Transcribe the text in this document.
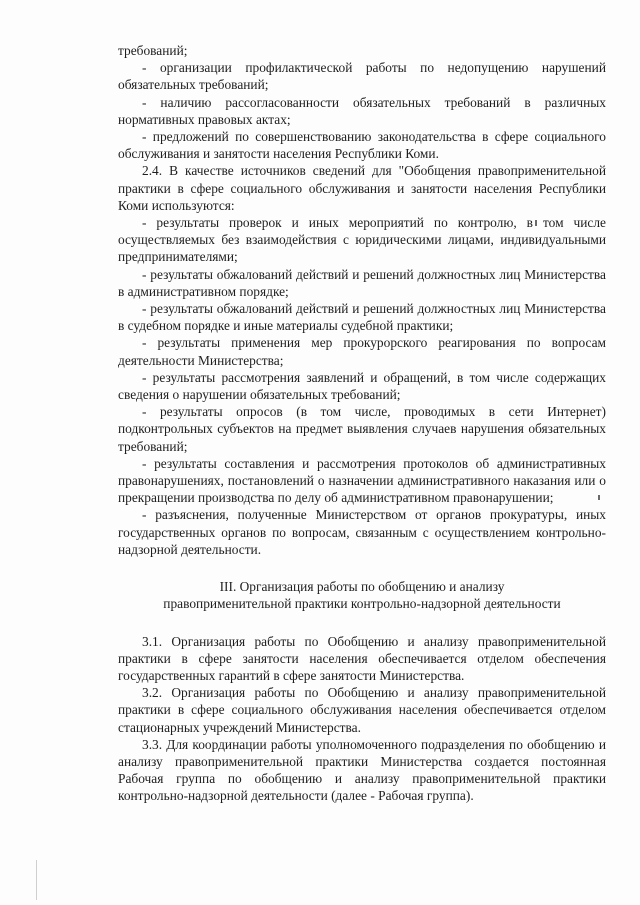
требований;

- организации профилактической работы по недопущению нарушений обязательных требований;

- наличию рассогласованности обязательных требований в различных нормативных правовых актах;

- предложений по совершенствованию законодательства в сфере социального обслуживания и занятости населения Республики Коми.

2.4. В качестве источников сведений для "Обобщения правоприменительной практики в сфере социального обслуживания и занятости населения Республики Коми используются:

- результаты проверок и иных мероприятий по контролю, в том числе осуществляемых без взаимодействия с юридическими лицами, индивидуальными предпринимателями;

- результаты обжалований действий и решений должностных лиц Министерства в административном порядке;

- результаты обжалований действий и решений должностных лиц Министерства в судебном порядке и иные материалы судебной практики;

- результаты применения мер прокурорского реагирования по вопросам деятельности Министерства;

- результаты рассмотрения заявлений и обращений, в том числе содержащих сведения о нарушении обязательных требований;

- результаты опросов (в том числе, проводимых в сети Интернет) подконтрольных субъектов на предмет выявления случаев нарушения обязательных требований;

- результаты составления и рассмотрения протоколов об административных правонарушениях, постановлений о назначении административного наказания или о прекращении производства по делу об административном правонарушении;

- разъяснения, полученные Министерством от органов прокуратуры, иных государственных органов по вопросам, связанным с осуществлением контрольно-надзорной деятельности.

III. Организация работы по обобщению и анализу правоприменительной практики контрольно-надзорной деятельности

3.1. Организация работы по Обобщению и анализу правоприменительной практики в сфере занятости населения обеспечивается отделом обеспечения государственных гарантий в сфере занятости Министерства.

3.2. Организация работы по Обобщению и анализу правоприменительной практики в сфере социального обслуживания населения обеспечивается отделом стационарных учреждений Министерства.

3.3. Для координации работы уполномоченного подразделения по обобщению и анализу правоприменительной практики Министерства создается постоянная Рабочая группа по обобщению и анализу правоприменительной практики контрольно-надзорной деятельности (далее - Рабочая группа).
